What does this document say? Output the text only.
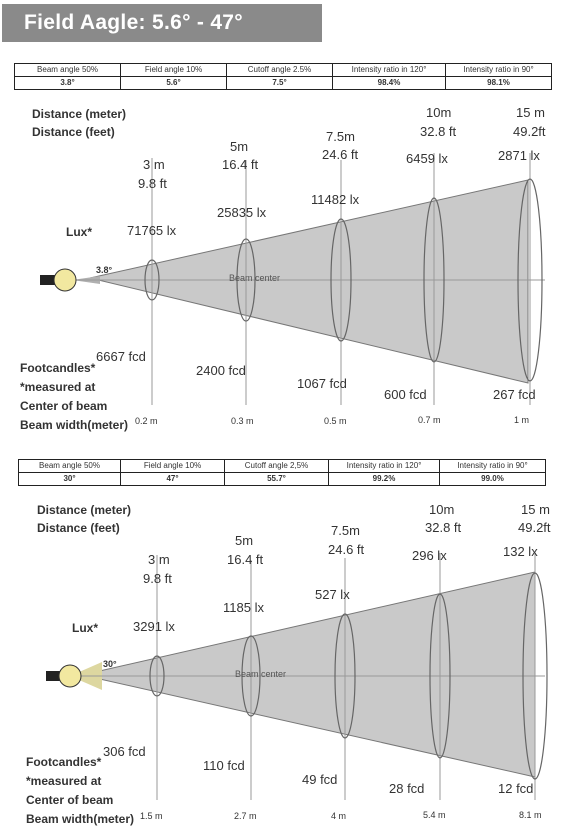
Field Aagle: 5.6° - 47°
Beam angle 50%	Field angle 10%	Cutoff angle 2.5%	Intensity ratio in 120°	Intensity ratio in 90°
3.8°	5.6°	7.5°	98.4%	98.1%
Distance (meter)
Distance (feet)
Lux*
Footcandles*
*measured at
Center of beam
Beam width(meter)
3.8°
Beam center
3 m
9.8 ft
5m
16.4 ft
7.5m
24.6 ft
10m
32.8 ft
15 m
49.2ft
71765 lx
25835 lx
11482 lx
6459 lx	2871 lx
6667 fcd
2400 fcd
1067 fcd
600 fcd	267 fcd
0.2 m	0.3 m	0.5 m	0.7 m	1 m
Beam angle 50%	Field angle 10%	Cutoff angle 2,5%	Intensity ratio in 120°	Intensity ratio in 90°
30°	47°	55.7°	99.2%	99.0%
Distance (meter)
Distance (feet)
Lux*
Footcandles*
*measured at
Center of beam
Beam width(meter)
30°
Beam center
3 m
9.8 ft
5m
16.4 ft
7.5m
24.6 ft
10m
32.8 ft
15 m
49.2ft
3291 lx
1185 lx
527 lx
296 lx	132 lx
306 fcd
110 fcd
49 fcd
28 fcd	12 fcd
1.5 m	2.7 m	4 m	5.4 m	8.1 m
